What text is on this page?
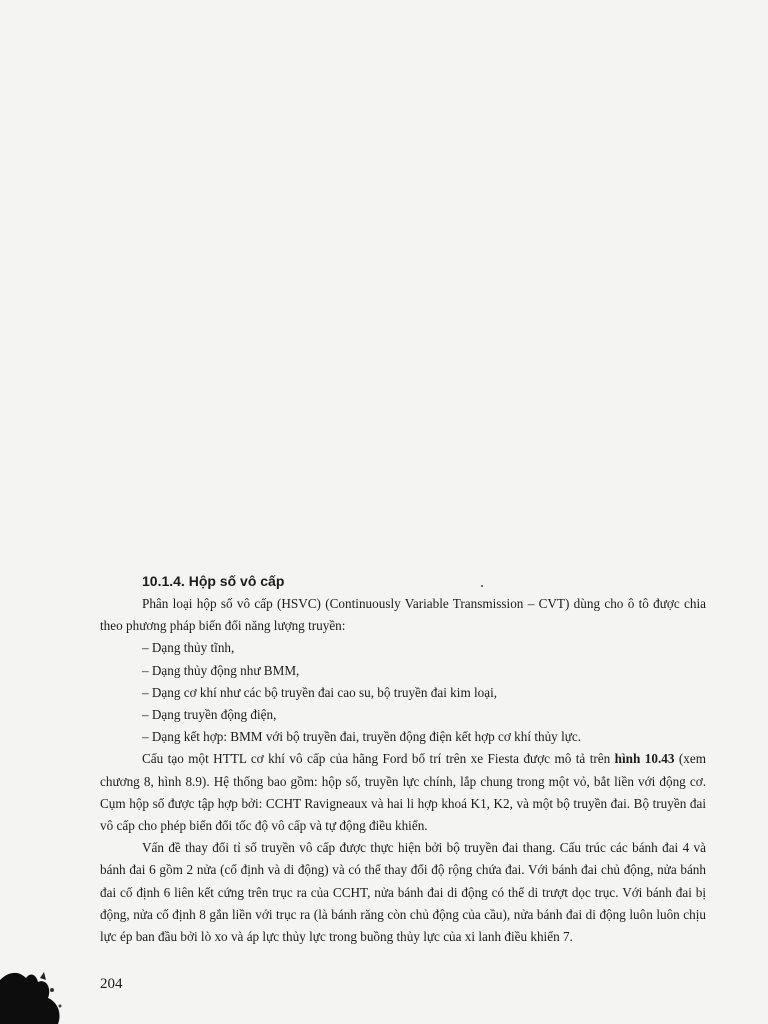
10.1.4. Hộp số vô cấp

Phân loại hộp số vô cấp (HSVC) (Continuously Variable Transmission – CVT) dùng cho ô tô được chia theo phương pháp biến đổi năng lượng truyền:

– Dạng thủy tĩnh,
– Dạng thủy động như BMM,
– Dạng cơ khí như các bộ truyền đai cao su, bộ truyền đai kim loại,
– Dạng truyền động điện,
– Dạng kết hợp: BMM với bộ truyền đai, truyền động điện kết hợp cơ khí thủy lực.

Cấu tạo một HTTL cơ khí vô cấp của hãng Ford bố trí trên xe Fiesta được mô tả trên hình 10.43 (xem chương 8, hình 8.9). Hệ thống bao gồm: hộp số, truyền lực chính, lắp chung trong một vỏ, bắt liền với động cơ. Cụm hộp số được tập hợp bởi: CCHT Ravigneaux và hai li hợp khoá K1, K2, và một bộ truyền đai. Bộ truyền đai vô cấp cho phép biến đổi tốc độ vô cấp và tự động điều khiển.

Vấn đề thay đổi tỉ số truyền vô cấp được thực hiện bởi bộ truyền đai thang. Cấu trúc các bánh đai 4 và bánh đai 6 gồm 2 nửa (cố định và di động) và có thể thay đổi độ rộng chứa đai. Với bánh đai chủ động, nửa bánh đai cố định 6 liên kết cứng trên trục ra của CCHT, nửa bánh đai di động có thể di trượt dọc trục. Với bánh đai bị động, nửa cố định 8 gắn liền với trục ra (là bánh răng còn chủ động của cầu), nửa bánh đai di động luôn luôn chịu lực ép ban đầu bởi lò xo và áp lực thủy lực trong buồng thủy lực của xi lanh điều khiển 7.

204
